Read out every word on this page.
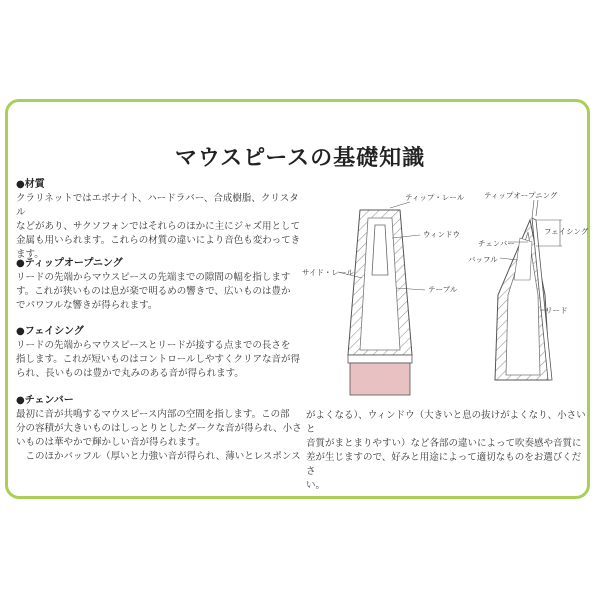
マウスピースの基礎知識
●材質
クラリネットではエボナイト、ハードラバー、合成樹脂、クリスタル
などがあり、サクソフォンではそれらのほかに主にジャズ用として
金属も用いられます。これらの材質の違いにより音色も変わってき
ます。
●ティップオープニング
リードの先端からマウスピースの先端までの隙間の幅を指します
す。これが狭いものは息が楽で明るめの響きで、広いものは豊か
でパワフルな響きが得られます。
●フェイシング
リードの先端からマウスピースとリードが接する点までの長さを
指します。これが短いものはコントロールしやすくクリアな音が得
られ、長いものは豊かで丸みのある音が得られます。
●チェンバー
最初に音が共鳴するマウスピース内部の空間を指します。この部
分の容積が大きいものはしっとりとしたダークな音が得られ、小さ
いものは華やかで輝かしい音が得られます。
　このほかバッフル（厚いと力強い音が得られ、薄いとレスポンス
がよくなる）、ウィンドウ（大きいと息の抜けがよくなり、小さいと
音質がまとまりやすい）など各部の違いによって吹奏感や音質に
差が生じますので、好みと用途によって適切なものをお選びくださ
い。
ティップ・レール
ウィンドウ
サイド・レール
テーブル
ティップオープニング
フェイシング
チェンバー
バッフル
リード
